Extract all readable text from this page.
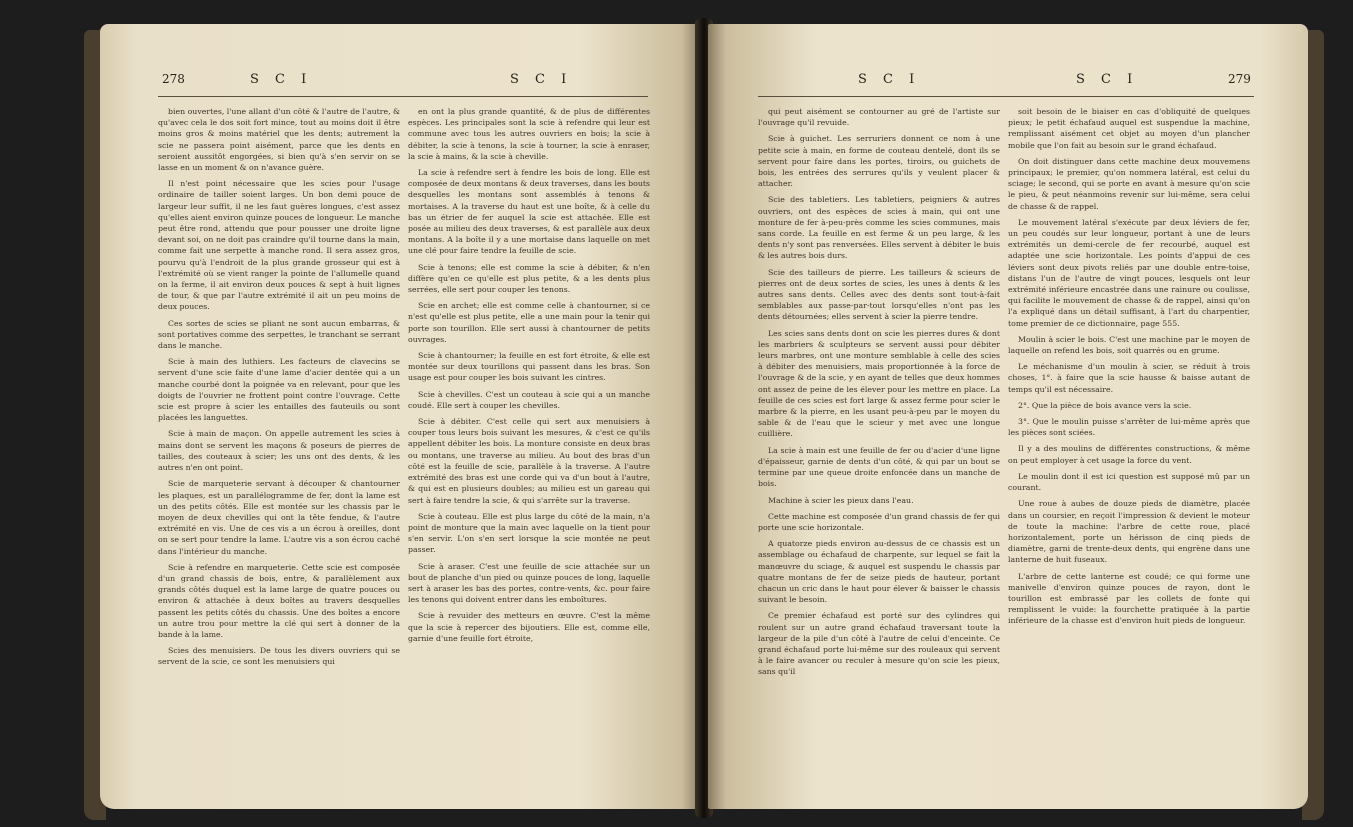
278	S C I	S C I

bien ouvertes, l'une allant d'un côté & l'autre de l'autre, & qu'avec cela le dos soit fort mince, tout au moins doit il être moins gros & moins matériel que les dents; autrement la scie ne passera point aisément, parce que les dents en seroient aussitôt engorgées, si bien qu'à s'en servir on se lasse en un moment & on n'avance guère.

Il n'est point nécessaire que les scies pour l'usage ordinaire de tailler soient larges. Un bon demi pouce de largeur leur suffit, il ne les faut guères longues, c'est assez qu'elles aient environ quinze pouces de longueur. Le manche peut être rond, attendu que pour pousser une droite ligne devant soi, on ne doit pas craindre qu'il tourne dans la main, comme fait une serpette à manche rond. Il sera assez gros, pourvu qu'à l'endroit de la plus grande grosseur qui est à l'extrémité où se vient ranger la pointe de l'allumelle quand on la ferme, il ait environ deux pouces & sept à huit lignes de tour, & que par l'autre extrémité il ait un peu moins de deux pouces.

Ces sortes de scies se pliant ne sont aucun embarras, & sont portatives comme des serpettes, le tranchant se serrant dans le manche.

Scie à main des luthiers. Les facteurs de clavecins se servent d'une scie faite d'une lame d'acier dentée qui a un manche courbé dont la poignée va en relevant, pour que les doigts de l'ouvrier ne frottent point contre l'ouvrage. Cette scie est propre à scier les entailles des fauteuils ou sont placées les languettes.

Scie à main de maçon. On appelle autrement les scies à mains dont se servent les maçons & poseurs de pierres de tailles, des couteaux à scier; les uns ont des dents, & les autres n'en ont point.

Scie de marqueterie servant à découper & chantourner les plaques, est un parallélogramme de fer, dont la lame est un des petits côtés. Elle est montée sur les chassis par le moyen de deux chevilles qui ont la tête fendue, & l'autre extrémité en vis. Une de ces vis a un écrou à oreilles, dont on se sert pour tendre la lame. L'autre vis a son écrou caché dans l'intérieur du manche.

Scie à refendre en marqueterie. Cette scie est composée d'un grand chassis de bois, entre, & parallèlement aux grands côtés duquel est la lame large de quatre pouces ou environ & attachée à deux boîtes au travers desquelles passent les petits côtés du chassis. Une des boîtes a encore un autre trou pour mettre la clé qui sert à donner de la bande à la lame.

Scies des menuisiers. De tous les divers ouvriers qui se servent de la scie, ce sont les menuisiers qui

en ont la plus grande quantité, & de plus de différentes espèces. Les principales sont la scie à refendre qui leur est commune avec tous les autres ouvriers en bois; la scie à débiter, la scie à tenons, la scie à tourner, la scie à enraser, la scie à mains, & la scie à cheville.

La scie à refendre sert à fendre les bois de long. Elle est composée de deux montans & deux traverses, dans les bouts desquelles les montans sont assemblés à tenons & mortaises. A la traverse du haut est une boîte, & à celle du bas un étrier de fer auquel la scie est attachée. Elle est posée au milieu des deux traverses, & est parallèle aux deux montans. A la boîte il y a une mortaise dans laquelle on met une clé pour faire tendre la feuille de scie.

Scie à tenons; elle est comme la scie à débiter, & n'en diffère qu'en ce qu'elle est plus petite, & a les dents plus serrées, elle sert pour couper les tenons.

Scie en archet; elle est comme celle à chantourner, si ce n'est qu'elle est plus petite, elle a une main pour la tenir qui porte son tourillon. Elle sert aussi à chantourner de petits ouvrages.

Scie à chantourner; la feuille en est fort étroite, & elle est montée sur deux tourillons qui passent dans les bras. Son usage est pour couper les bois suivant les cintres.

Scie à chevilles. C'est un couteau à scie qui a un manche coudé. Elle sert à couper les chevilles.

Scie à débiter. C'est celle qui sert aux menuisiers à couper tous leurs bois suivant les mesures, & c'est ce qu'ils appellent débiter les bois. La monture consiste en deux bras ou montans, une traverse au milieu. Au bout des bras d'un côté est la feuille de scie, parallèle à la traverse. A l'autre extrémité des bras est une corde qui va d'un bout à l'autre, & qui est en plusieurs doubles; au milieu est un gareau qui sert à faire tendre la scie, & qui s'arrête sur la traverse.

Scie à couteau. Elle est plus large du côté de la main, n'a point de monture que la main avec laquelle on la tient pour s'en servir. L'on s'en sert lorsque la scie montée ne peut passer.

Scie à araser. C'est une feuille de scie attachée sur un bout de planche d'un pied ou quinze pouces de long, laquelle sert à araser les bas des portes, contre-vents, &c. pour faire les tenons qui doivent entrer dans les emboîtures.

Scie à revuider des metteurs en œuvre. C'est la même que la scie à repercer des bijoutiers. Elle est, comme elle, garnie d'une feuille fort étroite,

S C I	S C I	279

qui peut aisément se contourner au gré de l'artiste sur l'ouvrage qu'il revuide.

Scie à guichet. Les serruriers donnent ce nom à une petite scie à main, en forme de couteau dentelé, dont ils se servent pour faire dans les portes, tiroirs, ou guichets de bois, les entrées des serrures qu'ils y veulent placer & attacher.

Scie des tabletiers. Les tabletiers, peigniers & autres ouvriers, ont des espèces de scies à main, qui ont une monture de fer à-peu-près comme les scies communes, mais sans corde. La feuille en est ferme & un peu large, & les dents n'y sont pas renversées. Elles servent à débiter le buis & les autres bois durs.

Scie des tailleurs de pierre. Les tailleurs & scieurs de pierres ont de deux sortes de scies, les unes à dents & les autres sans dents. Celles avec des dents sont tout-à-fait semblables aux passe-par-tout lorsqu'elles n'ont pas les dents détournées; elles servent à scier la pierre tendre.

Les scies sans dents dont on scie les pierres dures & dont les marbriers & sculpteurs se servent aussi pour débiter leurs marbres, ont une monture semblable à celle des scies à débiter des menuisiers, mais proportionnée à la force de l'ouvrage & de la scie, y en ayant de telles que deux hommes ont assez de peine de les élever pour les mettre en place. La feuille de ces scies est fort large & assez ferme pour scier le marbre & la pierre, en les usant peu-à-peu par le moyen du sable & de l'eau que le scieur y met avec une longue cuillière.

La scie à main est une feuille de fer ou d'acier d'une ligne d'épaisseur, garnie de dents d'un côté, & qui par un bout se termine par une queue droite enfoncée dans un manche de bois.

Machine à scier les pieux dans l'eau.

Cette machine est composée d'un grand chassis de fer qui porte une scie horizontale.

A quatorze pieds environ au-dessus de ce chassis est un assemblage ou échafaud de charpente, sur lequel se fait la manœuvre du sciage, & auquel est suspendu le chassis par quatre montans de fer de seize pieds de hauteur, portant chacun un cric dans le haut pour élever & baisser le chassis suivant le besoin.

Ce premier échafaud est porté sur des cylindres qui roulent sur un autre grand échafaud traversant toute la largeur de la pile d'un côté à l'autre de celui d'enceinte. Ce grand échafaud porte lui-même sur des rouleaux qui servent à le faire avancer ou reculer à mesure qu'on scie les pieux, sans qu'il

soit besoin de le biaiser en cas d'obliquité de quelques pieux; le petit échafaud auquel est suspendue la machine, remplissant aisément cet objet au moyen d'un plancher mobile que l'on fait au besoin sur le grand échafaud.

On doit distinguer dans cette machine deux mouvemens principaux; le premier, qu'on nommera latéral, est celui du sciage; le second, qui se porte en avant à mesure qu'on scie le pieu, & peut néanmoins revenir sur lui-même, sera celui de chasse & de rappel.

Le mouvement latéral s'exécute par deux léviers de fer, un peu coudés sur leur longueur, portant à une de leurs extrémités un demi-cercle de fer recourbé, auquel est adaptée une scie horizontale. Les points d'appui de ces léviers sont deux pivots reliés par une double entre-toise, distans l'un de l'autre de vingt pouces, lesquels ont leur extrémité inférieure encastrée dans une rainure ou coulisse, qui facilite le mouvement de chasse & de rappel, ainsi qu'on l'a expliqué dans un détail suffisant, à l'art du charpentier, tome premier de ce dictionnaire, page 555.

Moulin à scier le bois. C'est une machine par le moyen de laquelle on refend les bois, soit quarrés ou en grume.

Le méchanisme d'un moulin à scier, se réduit à trois choses, 1°. à faire que la scie hausse & baisse autant de temps qu'il est nécessaire.

2°. Que la pièce de bois avance vers la scie.

3°. Que le moulin puisse s'arrêter de lui-même après que les pièces sont sciées.

Il y a des moulins de différentes constructions, & même on peut employer à cet usage la force du vent.

Le moulin dont il est ici question est supposé mû par un courant.

Une roue à aubes de douze pieds de diamètre, placée dans un coursier, en reçoit l'impression & devient le moteur de toute la machine: l'arbre de cette roue, placé horizontalement, porte un hérisson de cinq pieds de diamètre, garni de trente-deux dents, qui engrène dans une lanterne de huit fuseaux.

L'arbre de cette lanterne est coudé; ce qui forme une manivelle d'environ quinze pouces de rayon, dont le tourillon est embrassé par les collets de fonte qui remplissent le vuide: la fourchette pratiquée à la partie inférieure de la chasse est d'environ huit pieds de longueur.
